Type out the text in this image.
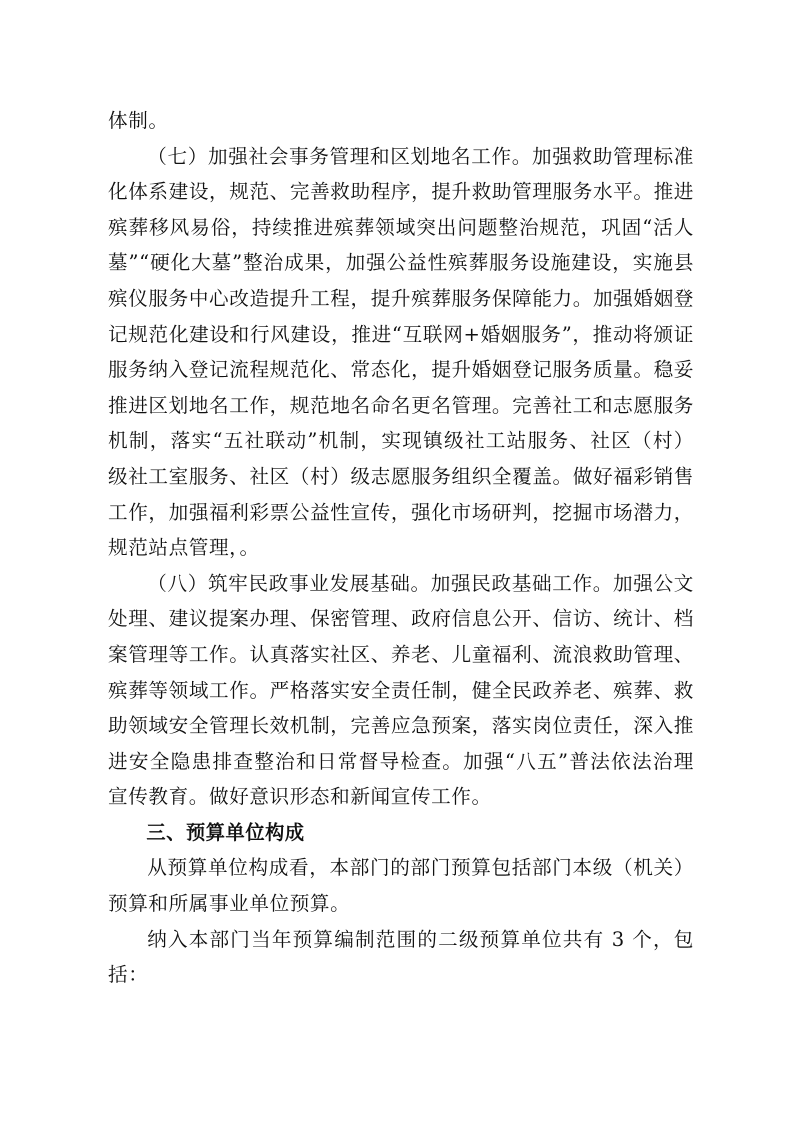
体制。

（七）加强社会事务管理和区划地名工作。加强救助管理标准化体系建设，规范、完善救助程序，提升救助管理服务水平。推进殡葬移风易俗，持续推进殡葬领域突出问题整治规范，巩固“活人墓”“硬化大墓”整治成果，加强公益性殡葬服务设施建设，实施县殡仪服务中心改造提升工程，提升殡葬服务保障能力。加强婚姻登记规范化建设和行风建设，推进“互联网+婚姻服务”，推动将颁证服务纳入登记流程规范化、常态化，提升婚姻登记服务质量。稳妥推进区划地名工作，规范地名命名更名管理。完善社工和志愿服务机制，落实“五社联动”机制，实现镇级社工站服务、社区（村）级社工室服务、社区（村）级志愿服务组织全覆盖。做好福彩销售工作，加强福利彩票公益性宣传，强化市场研判，挖掘市场潜力，规范站点管理，。

（八）筑牢民政事业发展基础。加强民政基础工作。加强公文处理、建议提案办理、保密管理、政府信息公开、信访、统计、档案管理等工作。认真落实社区、养老、儿童福利、流浪救助管理、殡葬等领域工作。严格落实安全责任制，健全民政养老、殡葬、救助领域安全管理长效机制，完善应急预案，落实岗位责任，深入推进安全隐患排查整治和日常督导检查。加强“八五”普法依法治理宣传教育。做好意识形态和新闻宣传工作。

三、预算单位构成

从预算单位构成看，本部门的部门预算包括部门本级（机关）预算和所属事业单位预算。

纳入本部门当年预算编制范围的二级预算单位共有 3 个，包括：
